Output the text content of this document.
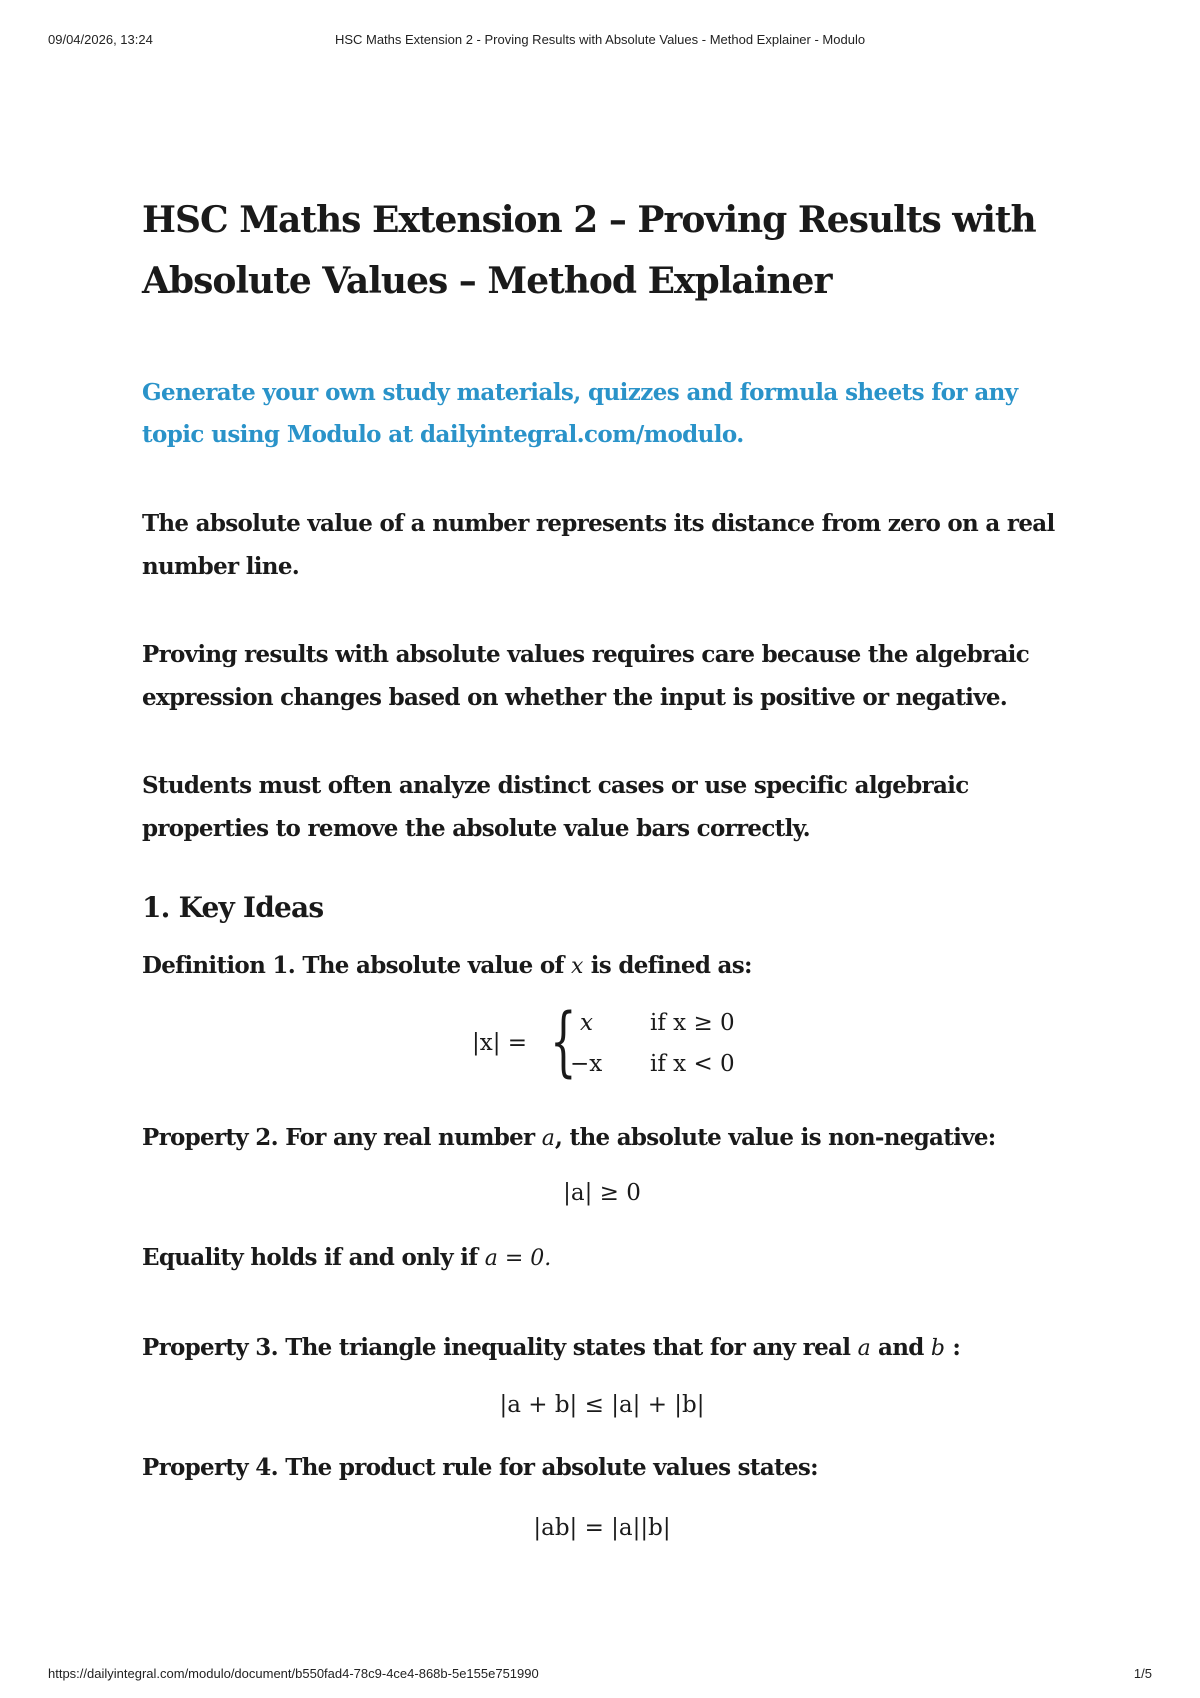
09/04/2026, 13:24	HSC Maths Extension 2 - Proving Results with Absolute Values - Method Explainer - Modulo
HSC Maths Extension 2 – Proving Results with Absolute Values – Method Explainer
Generate your own study materials, quizzes and formula sheets for any topic using Modulo at dailyintegral.com/modulo.
The absolute value of a number represents its distance from zero on a real number line.
Proving results with absolute values requires care because the algebraic expression changes based on whether the input is positive or negative.
Students must often analyze distinct cases or use specific algebraic properties to remove the absolute value bars correctly.
1. Key Ideas
Definition 1. The absolute value of x is defined as:
|x| = { x if x ≥ 0
−x if x < 0
Property 2. For any real number a, the absolute value is non-negative:
|a| ≥ 0
Equality holds if and only if a = 0.
Property 3. The triangle inequality states that for any real a and b :
|a + b| ≤ |a| + |b|
Property 4. The product rule for absolute values states:
|ab| = |a||b|
https://dailyintegral.com/modulo/document/b550fad4-78c9-4ce4-868b-5e155e751990	1/5
